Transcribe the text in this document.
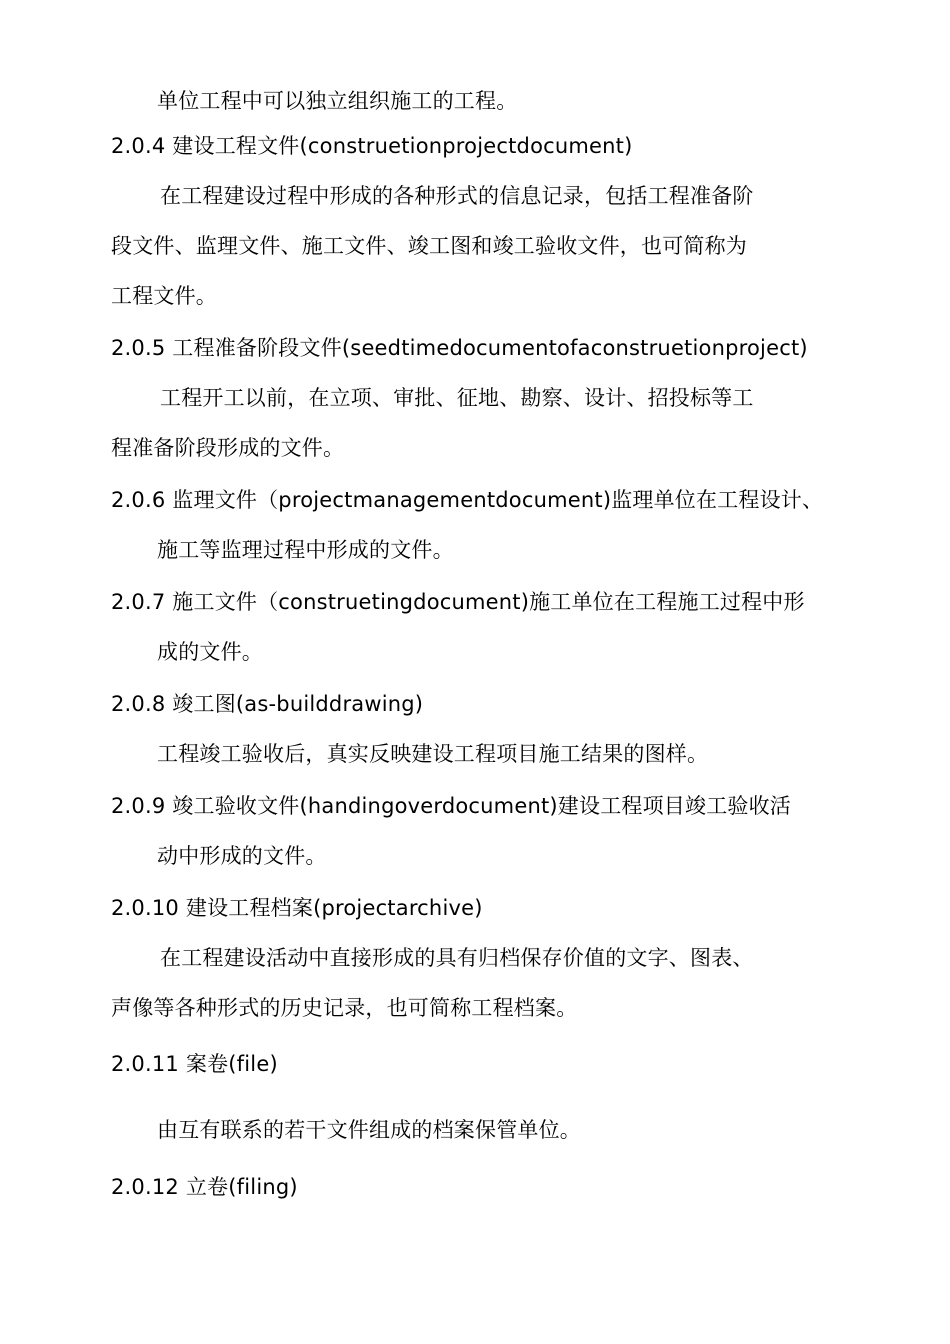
单位工程中可以独立组织施工的工程。
2.0.4 建设工程文件(construetionprojectdocument)
在工程建设过程中形成的各种形式的信息记录，包括工程准备阶
段文件、监理文件、施工文件、竣工图和竣工验收文件，也可简称为
工程文件。
2.0.5 工程准备阶段文件(seedtimedocumentofaconstruetionproject)
工程开工以前，在立项、审批、征地、勘察、设计、招投标等工
程准备阶段形成的文件。
2.0.6 监理文件（projectmanagementdocument)监理单位在工程设计、
施工等监理过程中形成的文件。
2.0.7 施工文件（construetingdocument)施工单位在工程施工过程中形
成的文件。
2.0.8 竣工图(as-builddrawing)
工程竣工验收后，真实反映建设工程项目施工结果的图样。
2.0.9 竣工验收文件(handingoverdocument)建设工程项目竣工验收活
动中形成的文件。
2.0.10 建设工程档案(projectarchive)
在工程建设活动中直接形成的具有归档保存价值的文字、图表、
声像等各种形式的历史记录，也可简称工程档案。
2.0.11 案卷(file)
由互有联系的若干文件组成的档案保管单位。
2.0.12 立卷(filing)
